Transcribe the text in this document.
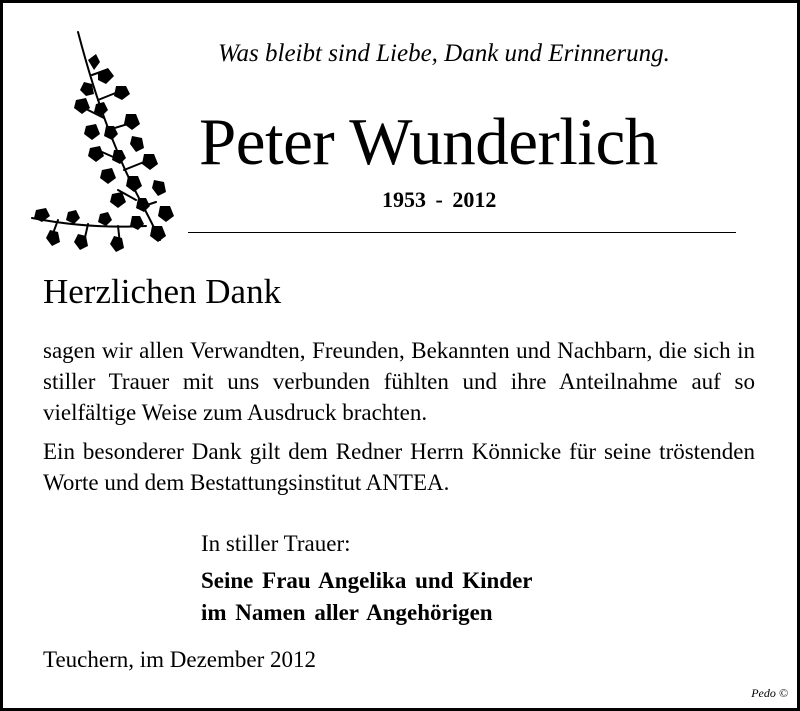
Was bleibt sind Liebe, Dank und Erinnerung.
Peter Wunderlich
1953 - 2012
Herzlichen Dank
sagen wir allen Verwandten, Freunden, Bekannten und Nachbarn, die sich in stiller Trauer mit uns verbunden fühlten und ihre Anteilnahme auf so vielfältige Weise zum Ausdruck brachten.
Ein besonderer Dank gilt dem Redner Herrn Könnicke für seine tröstenden Worte und dem Bestattungsinstitut ANTEA.
In stiller Trauer:
Seine Frau Angelika und Kinder
im Namen aller Angehörigen
Teuchern, im Dezember 2012
Pedo ©
